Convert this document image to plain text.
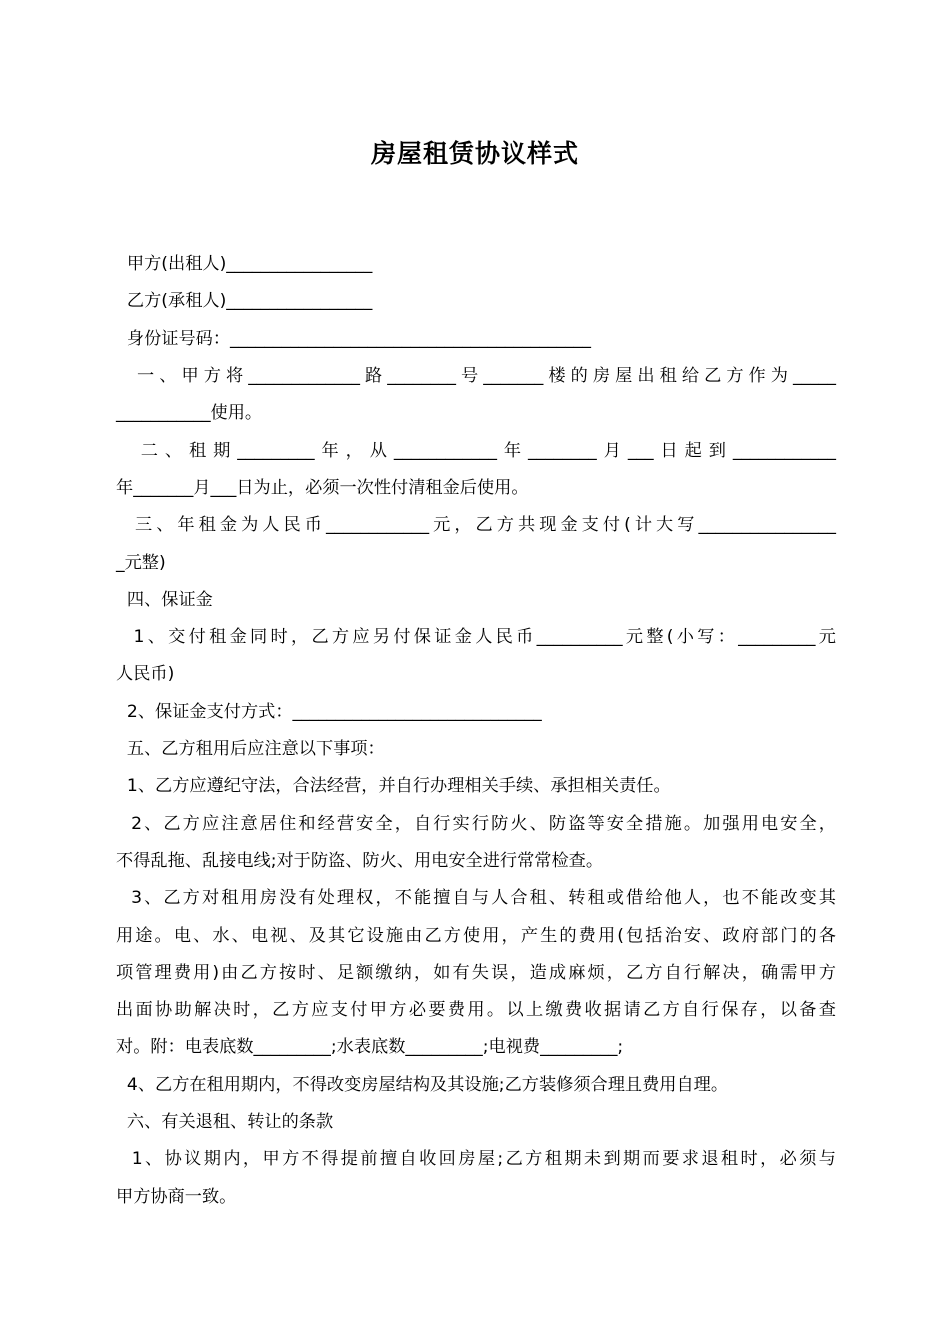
房屋租赁协议样式
甲方(出租人)_________________
乙方(承租人)_________________
身份证号码：__________________________________________
一、甲方将_____________路________号_______楼的房屋出租给乙方作为_____
___________使用。
二、租期_________年，从____________年________月___日起到____________
年_______月___日为止，必须一次性付清租金后使用。
三、年租金为人民币____________元，乙方共现金支付(计大写________________
_元整)
四、保证金
1、交付租金同时，乙方应另付保证金人民币__________元整(小写：_________元
人民币)
2、保证金支付方式：_____________________________
五、乙方租用后应注意以下事项：
1、乙方应遵纪守法，合法经营，并自行办理相关手续、承担相关责任。
2、乙方应注意居住和经营安全，自行实行防火、防盗等安全措施。加强用电安全，
不得乱拖、乱接电线;对于防盗、防火、用电安全进行常常检查。
3、乙方对租用房没有处理权，不能擅自与人合租、转租或借给他人，也不能改变其
用途。电、水、电视、及其它设施由乙方使用，产生的费用(包括治安、政府部门的各
项管理费用)由乙方按时、足额缴纳，如有失误，造成麻烦，乙方自行解决，确需甲方
出面协助解决时，乙方应支付甲方必要费用。以上缴费收据请乙方自行保存，以备查
对。附：电表底数_________;水表底数_________;电视费_________;
4、乙方在租用期内，不得改变房屋结构及其设施;乙方装修须合理且费用自理。
六、有关退租、转让的条款
1、协议期内，甲方不得提前擅自收回房屋;乙方租期未到期而要求退租时，必须与
甲方协商一致。
